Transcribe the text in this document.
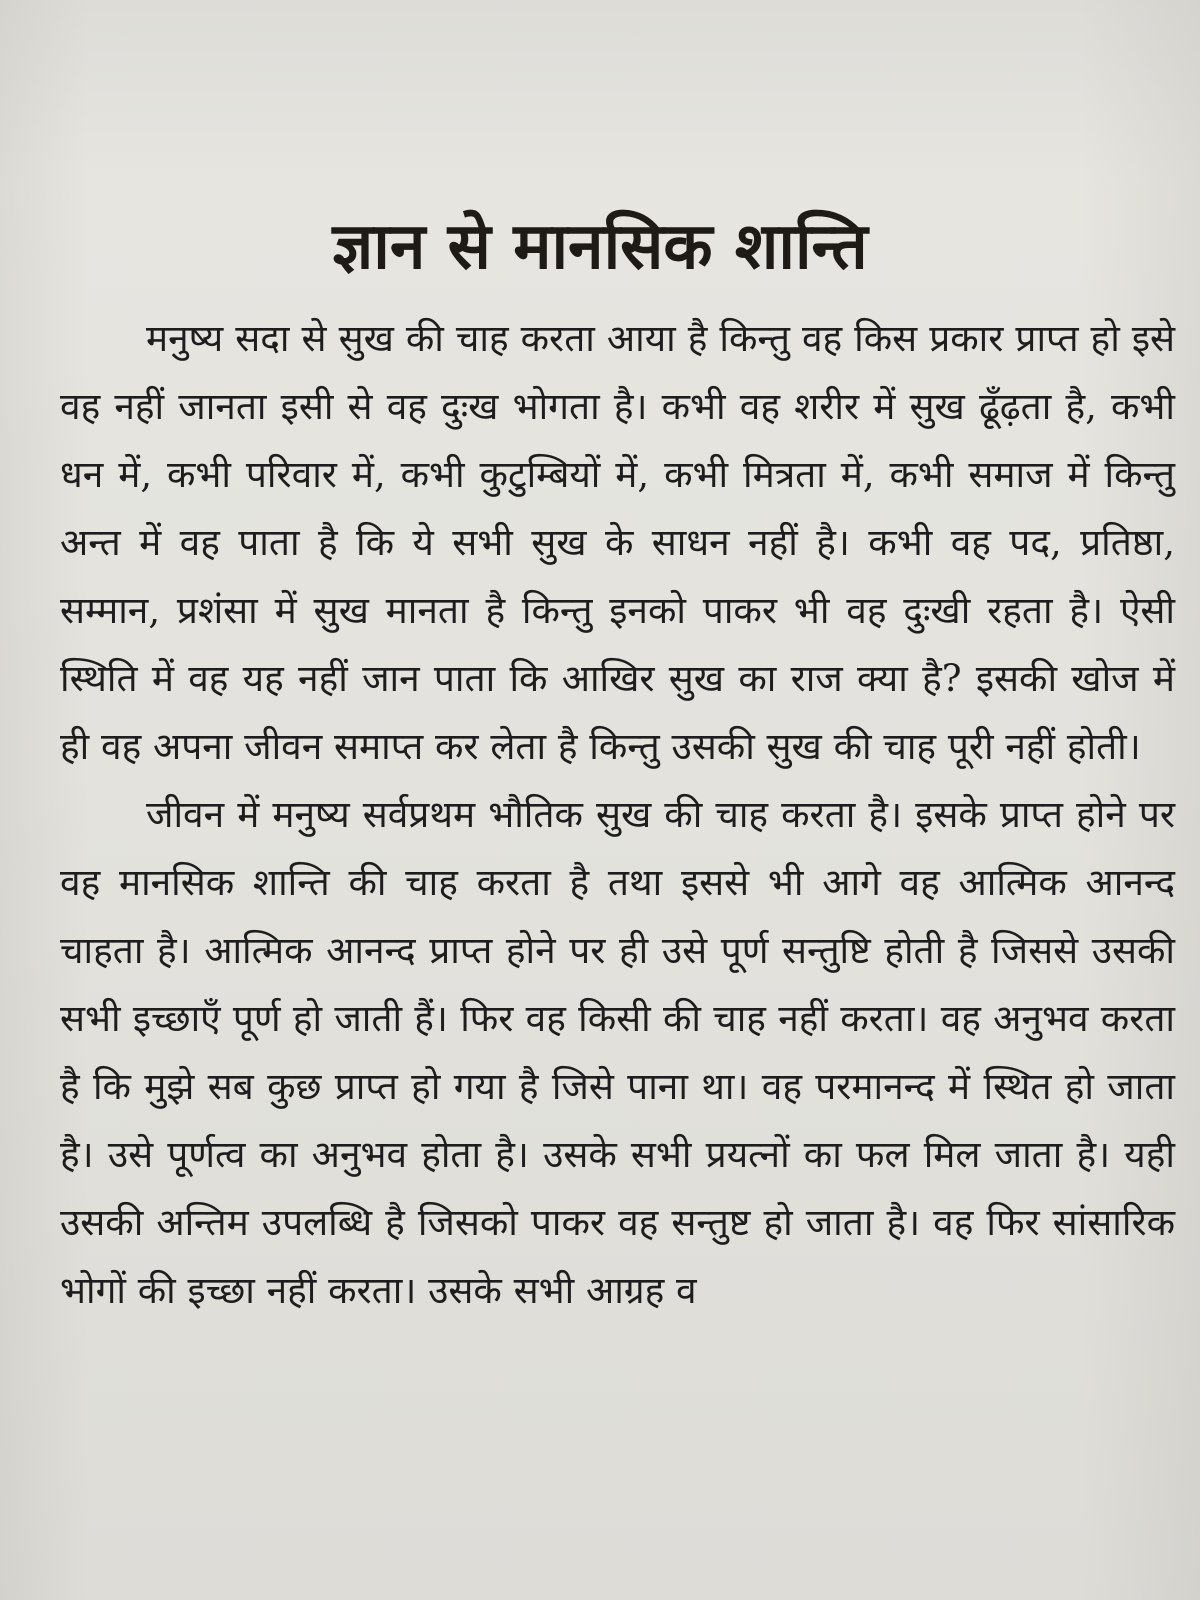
ज्ञान से मानसिक शान्ति

मनुष्य सदा से सुख की चाह करता आया है किन्तु वह किस प्रकार प्राप्त हो इसे वह नहीं जानता इसी से वह दुःख भोगता है। कभी वह शरीर में सुख ढूँढ़ता है, कभी धन में, कभी परिवार में, कभी कुटुम्बियों में, कभी मित्रता में, कभी समाज में किन्तु अन्त में वह पाता है कि ये सभी सुख के साधन नहीं है। कभी वह पद, प्रतिष्ठा, सम्मान, प्रशंसा में सुख मानता है किन्तु इनको पाकर भी वह दुःखी रहता है। ऐसी स्थिति में वह यह नहीं जान पाता कि आखिर सुख का राज क्या है? इसकी खोज में ही वह अपना जीवन समाप्त कर लेता है किन्तु उसकी सुख की चाह पूरी नहीं होती।

जीवन में मनुष्य सर्वप्रथम भौतिक सुख की चाह करता है। इसके प्राप्त होने पर वह मानसिक शान्ति की चाह करता है तथा इससे भी आगे वह आत्मिक आनन्द चाहता है। आत्मिक आनन्द प्राप्त होने पर ही उसे पूर्ण सन्तुष्टि होती है जिससे उसकी सभी इच्छाएँ पूर्ण हो जाती हैं। फिर वह किसी की चाह नहीं करता। वह अनुभव करता है कि मुझे सब कुछ प्राप्त हो गया है जिसे पाना था। वह परमानन्द में स्थित हो जाता है। उसे पूर्णत्व का अनुभव होता है। उसके सभी प्रयत्नों का फल मिल जाता है। यही उसकी अन्तिम उपलब्धि है जिसको पाकर वह सन्तुष्ट हो जाता है। वह फिर सांसारिक भोगों की इच्छा नहीं करता। उसके सभी आग्रह व
